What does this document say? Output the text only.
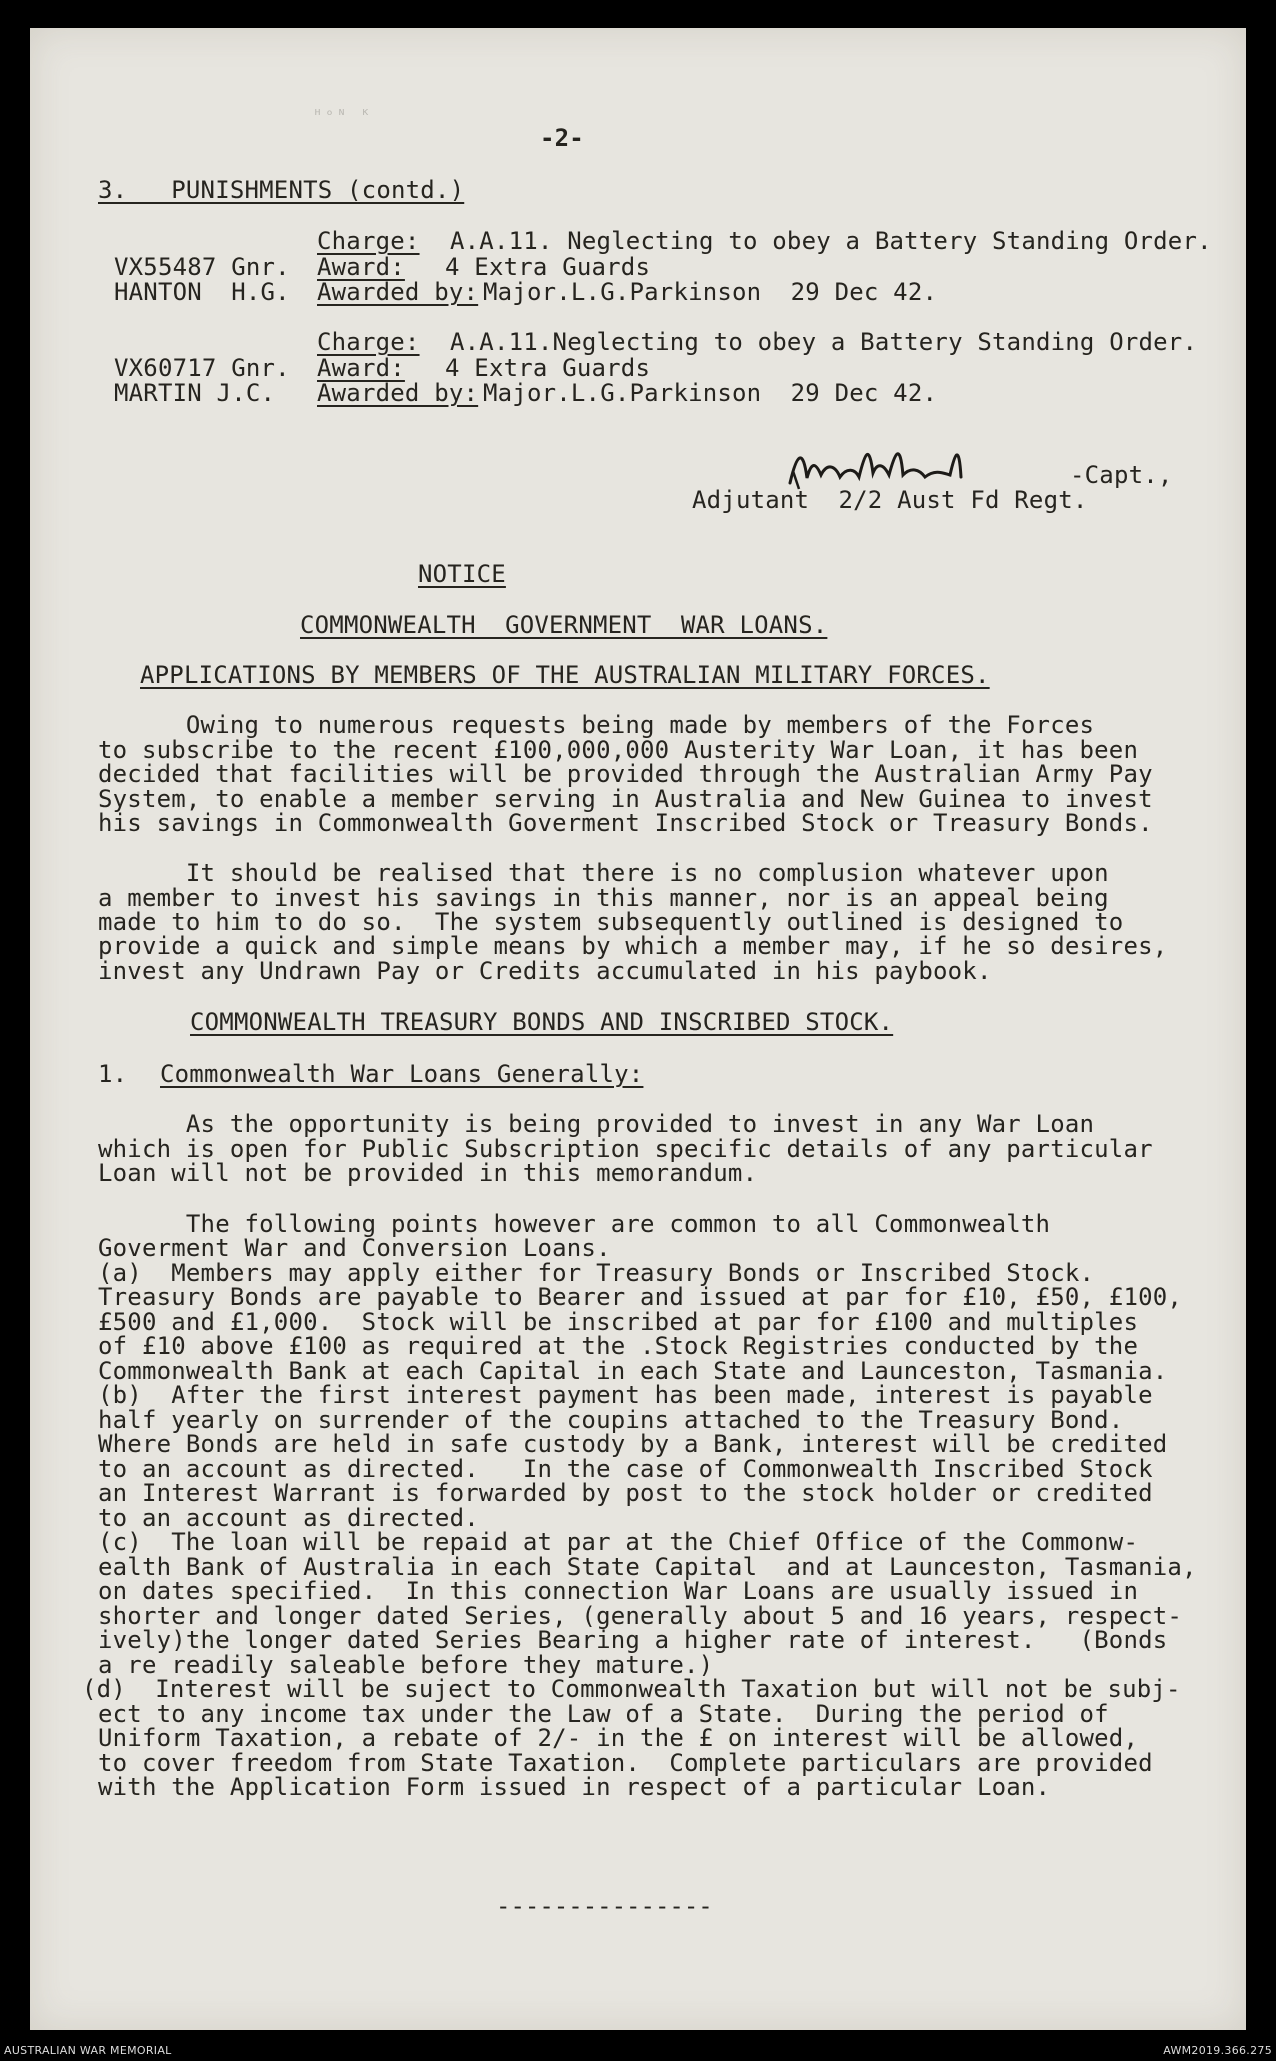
ᴴᵒᴺ ᴷ
-2-
3.   PUNISHMENTS (contd.)
Charge: A.A.11. Neglecting to obey a Battery Standing Order.
VX55487 Gnr. Award: 4 Extra Guards
HANTON  H.G. Awarded by: Major.L.G.Parkinson  29 Dec 42.
Charge: A.A.11.Neglecting to obey a Battery Standing Order.
VX60717 Gnr. Award: 4 Extra Guards
MARTIN J.C. Awarded by: Major.L.G.Parkinson  29 Dec 42.
-Capt.,
Adjutant  2/2 Aust Fd Regt.
NOTICE
COMMONWEALTH  GOVERNMENT  WAR LOANS.
APPLICATIONS BY MEMBERS OF THE AUSTRALIAN MILITARY FORCES.
Owing to numerous requests being made by members of the Forces
to subscribe to the recent £100,000,000 Austerity War Loan, it has been
decided that facilities will be provided through the Australian Army Pay
System, to enable a member serving in Australia and New Guinea to invest
his savings in Commonwealth Goverment Inscribed Stock or Treasury Bonds.
It should be realised that there is no complusion whatever upon
a member to invest his savings in this manner, nor is an appeal being
made to him to do so.  The system subsequently outlined is designed to
provide a quick and simple means by which a member may, if he so desires,
invest any Undrawn Pay or Credits accumulated in his paybook.
COMMONWEALTH TREASURY BONDS AND INSCRIBED STOCK.
1. Commonwealth War Loans Generally:
As the opportunity is being provided to invest in any War Loan
which is open for Public Subscription specific details of any particular
Loan will not be provided in this memorandum.
The following points however are common to all Commonwealth
Goverment War and Conversion Loans.
(a)  Members may apply either for Treasury Bonds or Inscribed Stock.
Treasury Bonds are payable to Bearer and issued at par for £10, £50, £100,
£500 and £1,000.  Stock will be inscribed at par for £100 and multiples
of £10 above £100 as required at the .Stock Registries conducted by the
Commonwealth Bank at each Capital in each State and Launceston, Tasmania.
(b)  After the first interest payment has been made, interest is payable
half yearly on surrender of the coupins attached to the Treasury Bond.
Where Bonds are held in safe custody by a Bank, interest will be credited
to an account as directed.   In the case of Commonwealth Inscribed Stock
an Interest Warrant is forwarded by post to the stock holder or credited
to an account as directed.
(c)  The loan will be repaid at par at the Chief Office of the Commonw-
ealth Bank of Australia in each State Capital  and at Launceston, Tasmania,
on dates specified.  In this connection War Loans are usually issued in
shorter and longer dated Series, (generally about 5 and 16 years, respect-
ively)the longer dated Series Bearing a higher rate of interest.   (Bonds
a re readily saleable before they mature.)
(d)  Interest will be suject to Commonwealth Taxation but will not be subj-
ect to any income tax under the Law of a State.  During the period of
Uniform Taxation, a rebate of 2/- in the £ on interest will be allowed,
to cover freedom from State Taxation.  Complete particulars are provided
with the Application Form issued in respect of a particular Loan.
---------------
AUSTRALIAN WAR MEMORIAL	AWM2019.366.275
